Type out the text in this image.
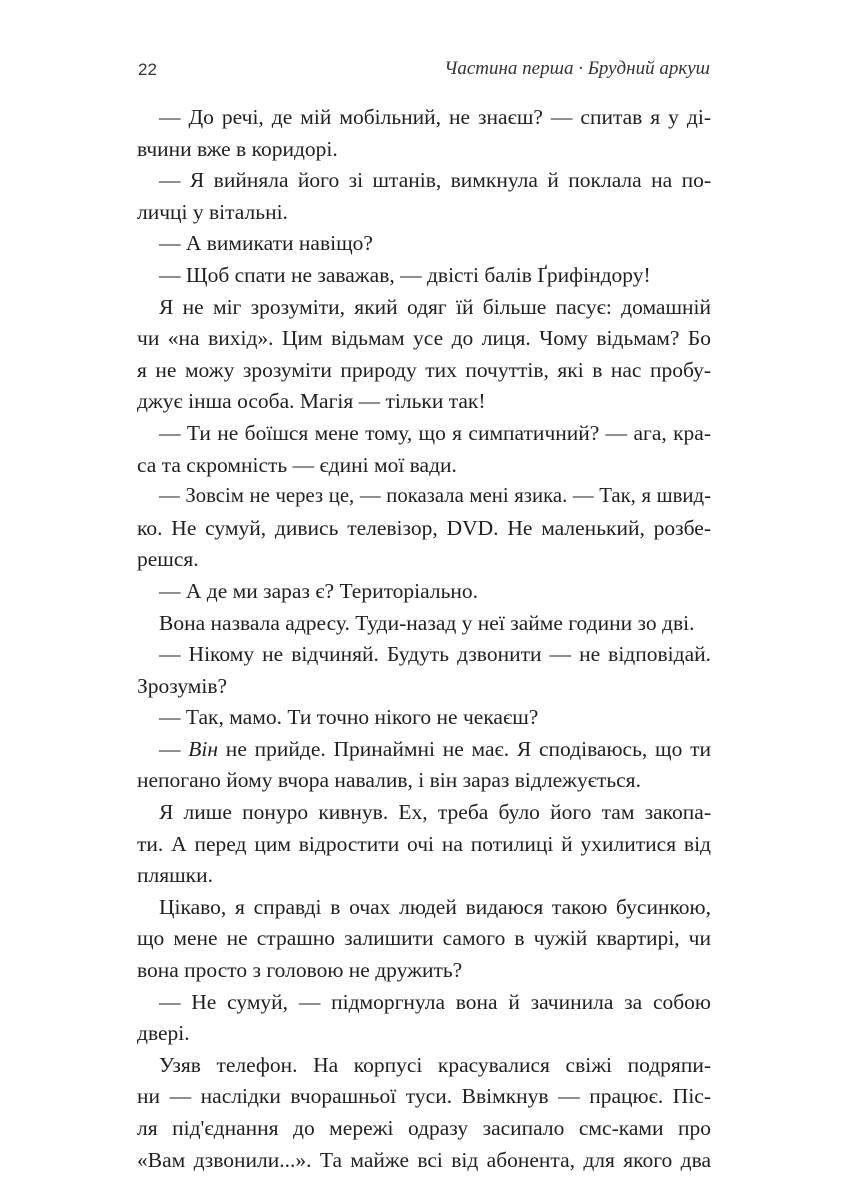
22	Частина перша · Брудний аркуш
— До речі, де мій мобільний, не знаєш? — спитав я у ді-
вчини вже в коридорі.
— Я вийняла його зі штанів, вимкнула й поклала на по-
личці у вітальні.
— А вимикати навіщо?
— Щоб спати не заважав, — двісті балів Ґрифіндору!
Я не міг зрозуміти, який одяг їй більше пасує: домашній
чи «на вихід». Цим відьмам усе до лиця. Чому відьмам? Бо
я не можу зрозуміти природу тих почуттів, які в нас пробу-
джує інша особа. Магія — тільки так!
— Ти не боїшся мене тому, що я симпатичний? — ага, кра-
са та скромність — єдині мої вади.
— Зовсім не через це, — показала мені язика. — Так, я швид-
ко. Не сумуй, дивись телевізор, DVD. Не маленький, розбе-
решся.
— А де ми зараз є? Територіально.
Вона назвала адресу. Туди-назад у неї займе години зо дві.
— Нікому не відчиняй. Будуть дзвонити — не відповідай.
Зрозумів?
— Так, мамо. Ти точно нікого не чекаєш?
— Він не прийде. Принаймні не має. Я сподіваюсь, що ти
непогано йому вчора навалив, і він зараз відлежується.
Я лише понуро кивнув. Ех, треба було його там закопа-
ти. А перед цим відростити очі на потилиці й ухилитися від
пляшки.
Цікаво, я справді в очах людей видаюся такою бусинкою,
що мене не страшно залишити самого в чужій квартирі, чи
вона просто з головою не дружить?
— Не сумуй, — підморгнула вона й зачинила за собою
двері.
Узяв телефон. На корпусі красувалися свіжі подряпи-
ни — наслідки вчорашньої туси. Ввімкнув — працює. Піс-
ля під'єднання до мережі одразу засипало смс-ками про
«Вам дзвонили...». Та майже всі від абонента, для якого два
